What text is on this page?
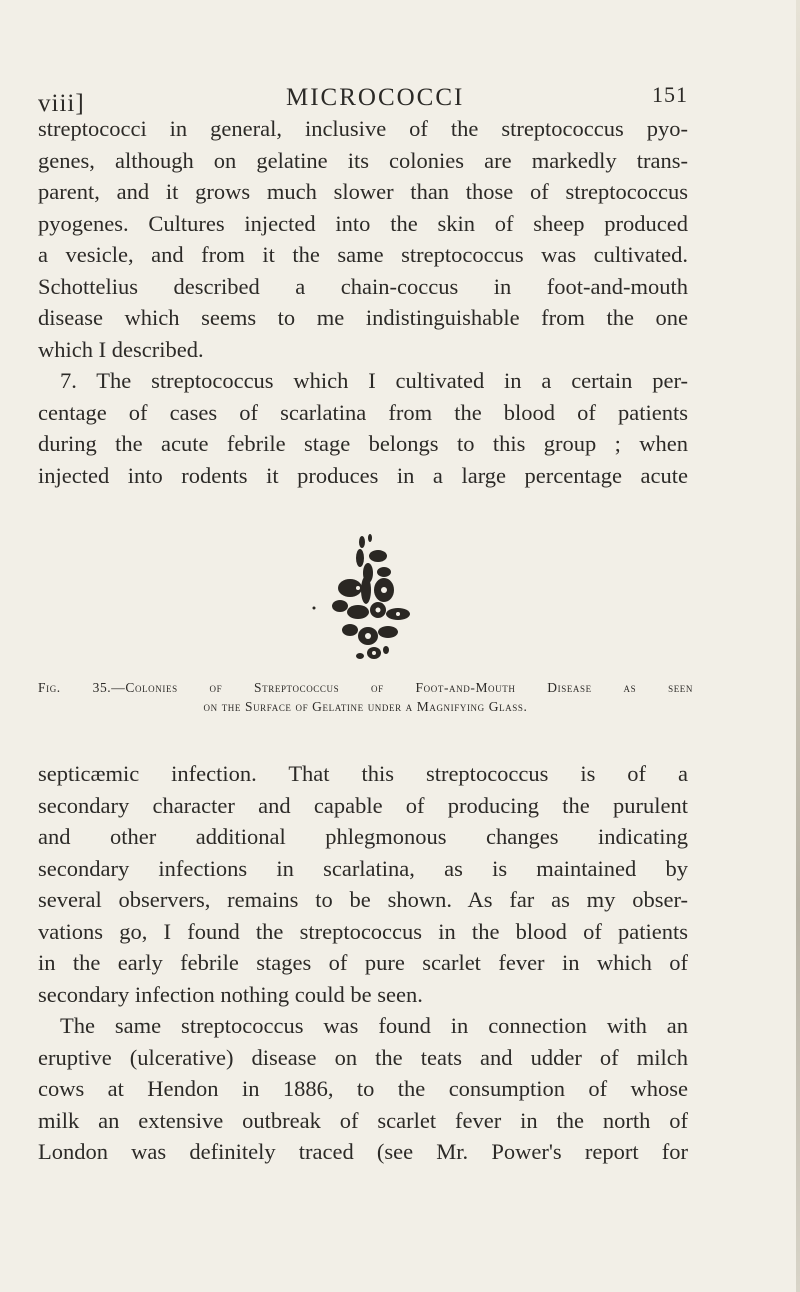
viii]	MICROCOCCI	151
streptococci in general, inclusive of the streptococcus pyo-
genes, although on gelatine its colonies are markedly trans-
parent, and it grows much slower than those of streptococcus
pyogenes. Cultures injected into the skin of sheep produced
a vesicle, and from it the same streptococcus was cultivated.
Schottelius described a chain-coccus in foot-and-mouth
disease which seems to me indistinguishable from the one
which I described.
7. The streptococcus which I cultivated in a certain per-
centage of cases of scarlatina from the blood of patients
during the acute febrile stage belongs to this group ; when
injected into rodents it produces in a large percentage acute
Fig. 35.—Colonies of Streptococcus of Foot-and-Mouth Disease as seen
on the Surface of Gelatine under a Magnifying Glass.
septicæmic infection. That this streptococcus is of a
secondary character and capable of producing the purulent
and other additional phlegmonous changes indicating
secondary infections in scarlatina, as is maintained by
several observers, remains to be shown. As far as my obser-
vations go, I found the streptococcus in the blood of patients
in the early febrile stages of pure scarlet fever in which of
secondary infection nothing could be seen.
The same streptococcus was found in connection with an
eruptive (ulcerative) disease on the teats and udder of milch
cows at Hendon in 1886, to the consumption of whose
milk an extensive outbreak of scarlet fever in the north of
London was definitely traced (see Mr. Power's report for
